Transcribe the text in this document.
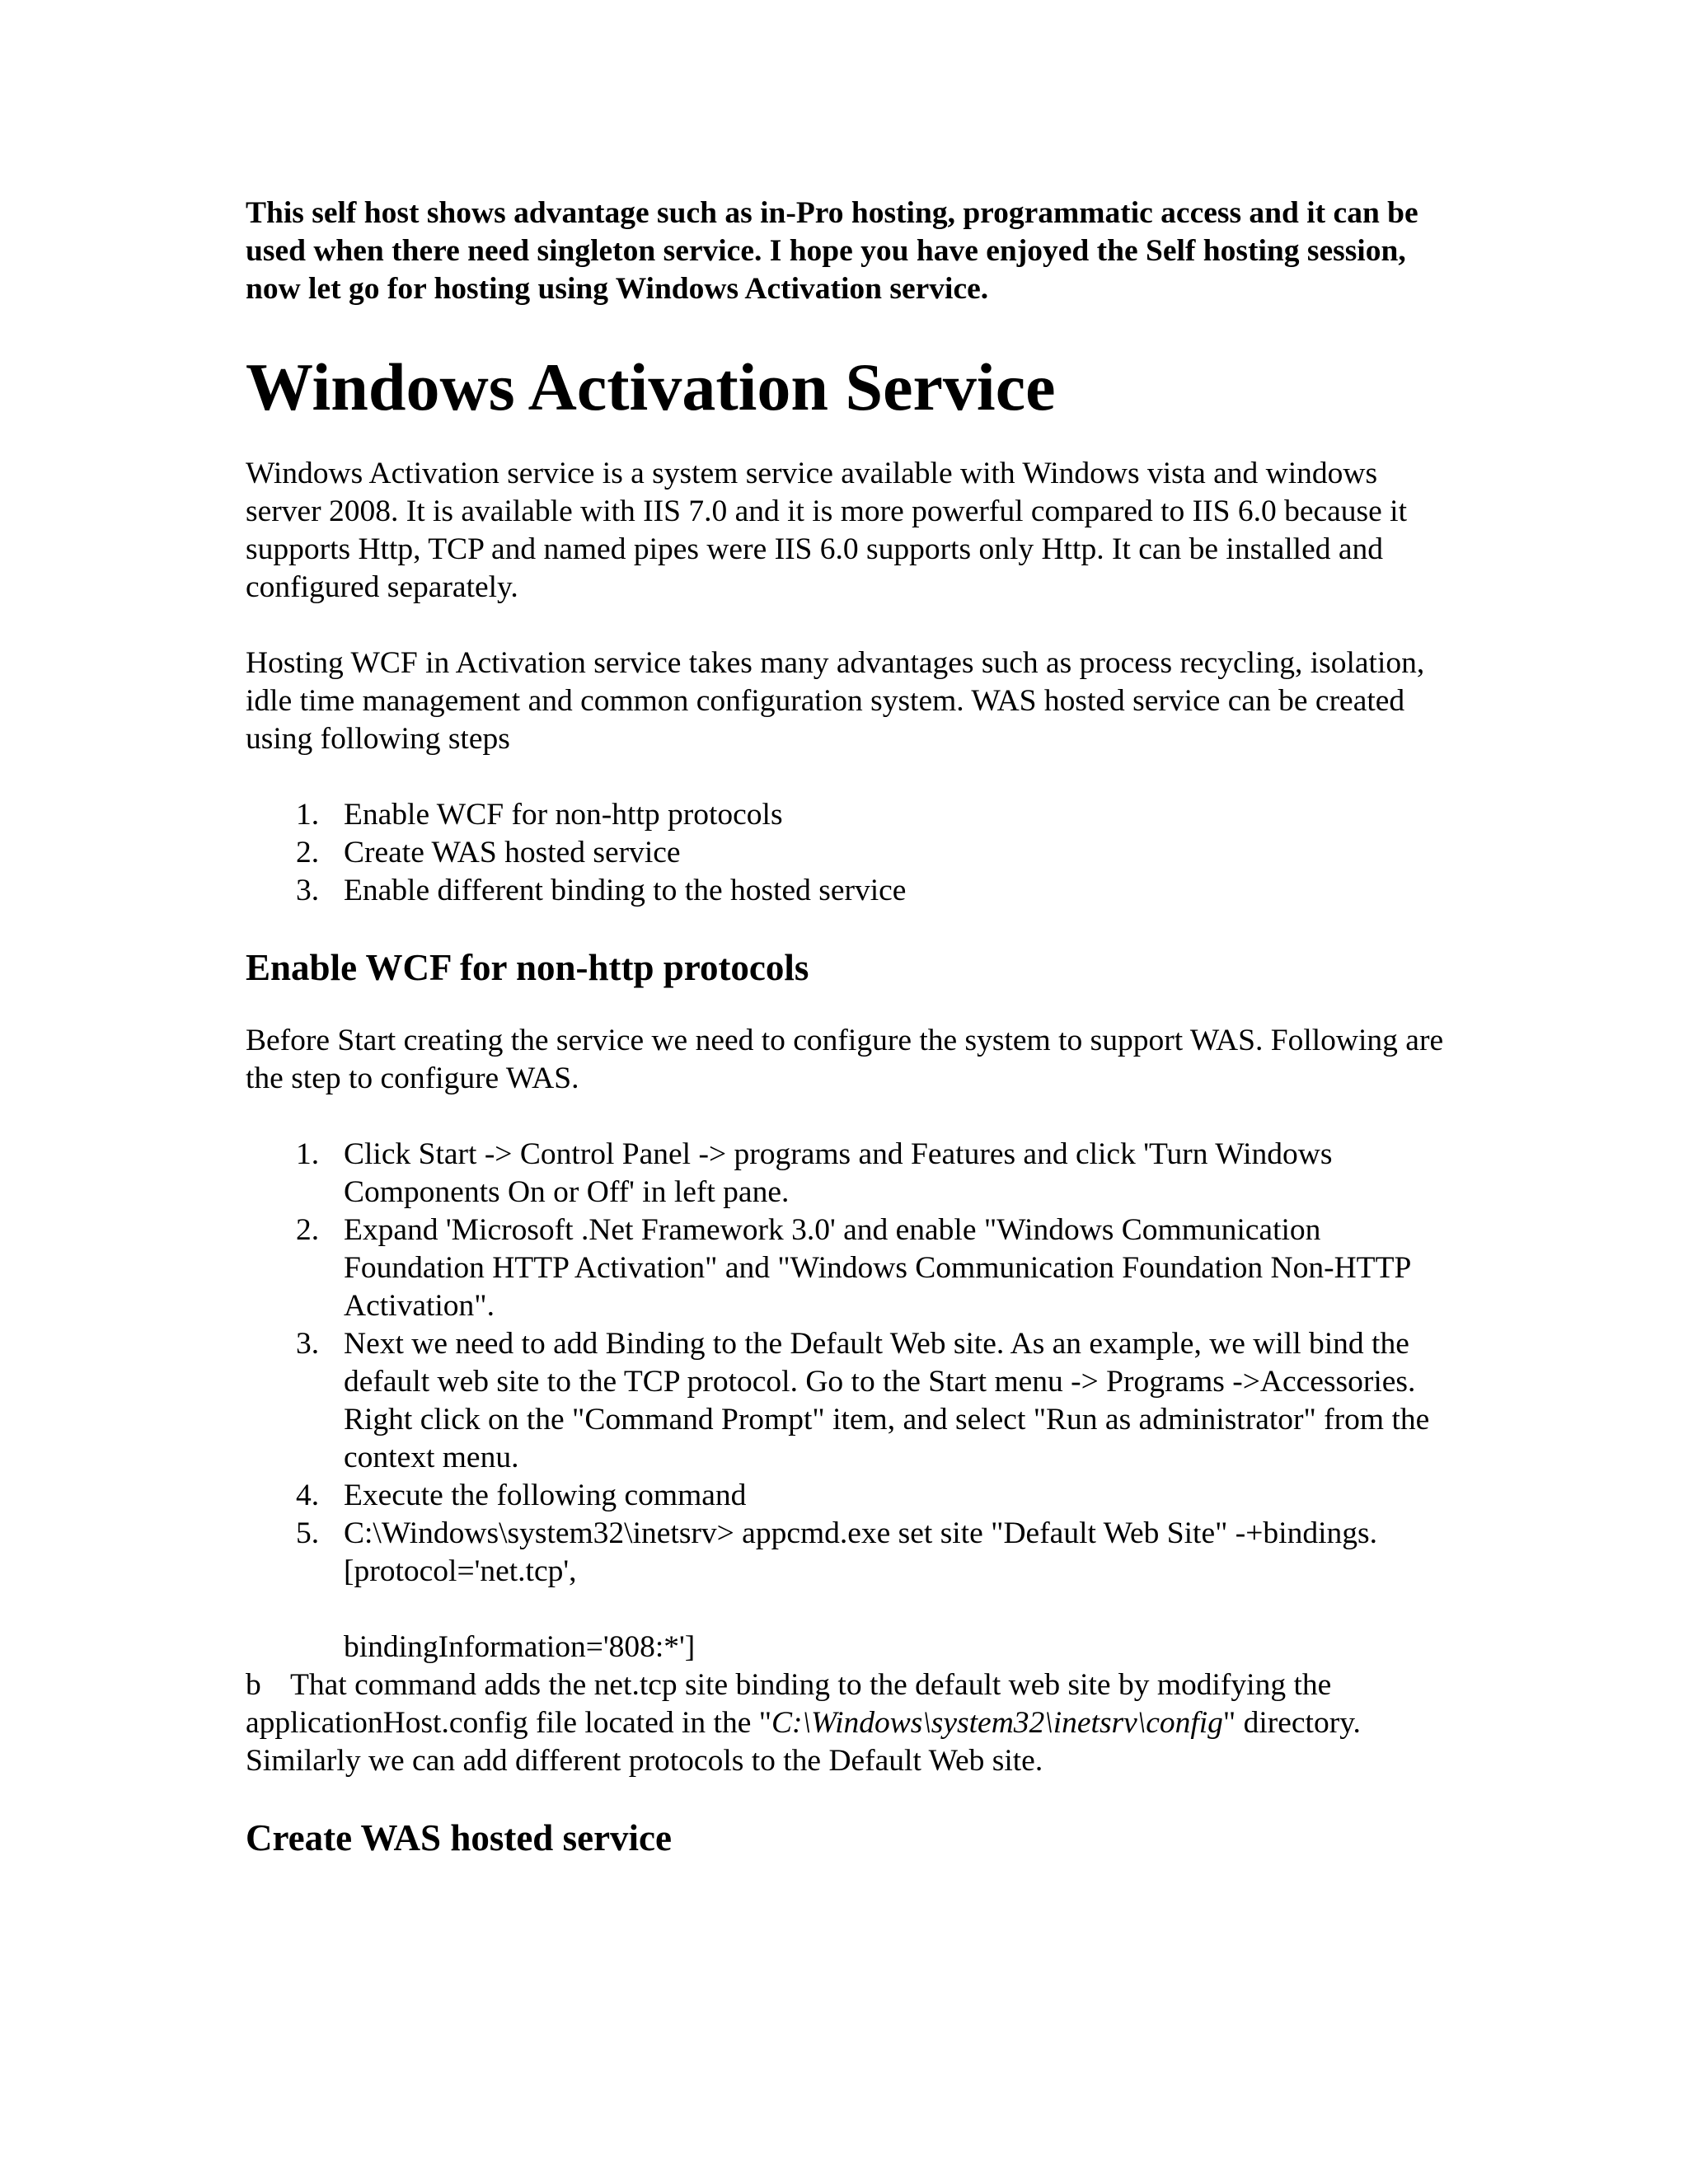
This self host shows advantage such as in-Pro hosting, programmatic access and it can be used when there need singleton service. I hope you have enjoyed the Self hosting session, now let go for hosting using Windows Activation service.

Windows Activation Service

Windows Activation service is a system service available with Windows vista and windows server 2008. It is available with IIS 7.0 and it is more powerful compared to IIS 6.0 because it supports Http, TCP and named pipes were IIS 6.0 supports only Http. It can be installed and configured separately.

Hosting WCF in Activation service takes many advantages such as process recycling, isolation, idle time management and common configuration system. WAS hosted service can be created using following steps

1. Enable WCF for non-http protocols
2. Create WAS hosted service
3. Enable different binding to the hosted service
Enable WCF for non-http protocols

Before Start creating the service we need to configure the system to support WAS. Following are the step to configure WAS.

1. Click Start -> Control Panel -> programs and Features and click 'Turn Windows Components On or Off' in left pane.
2. Expand 'Microsoft .Net Framework 3.0' and enable "Windows Communication Foundation HTTP Activation" and "Windows Communication Foundation Non-HTTP Activation".
3. Next we need to add Binding to the Default Web site. As an example, we will bind the default web site to the TCP protocol. Go to the Start menu -> Programs ->Accessories. Right click on the "Command Prompt" item, and select "Run as administrator" from the context menu.
4. Execute the following command
5. C:\Windows\system32\inetsrv> appcmd.exe set site "Default Web Site" -+bindings.[protocol='net.tcp',

bindingInformation='808:*']

b That command adds the net.tcp site binding to the default web site by modifying the applicationHost.config file located in the "C:\Windows\system32\inetsrv\config" directory. Similarly we can add different protocols to the Default Web site.

Create WAS hosted service
